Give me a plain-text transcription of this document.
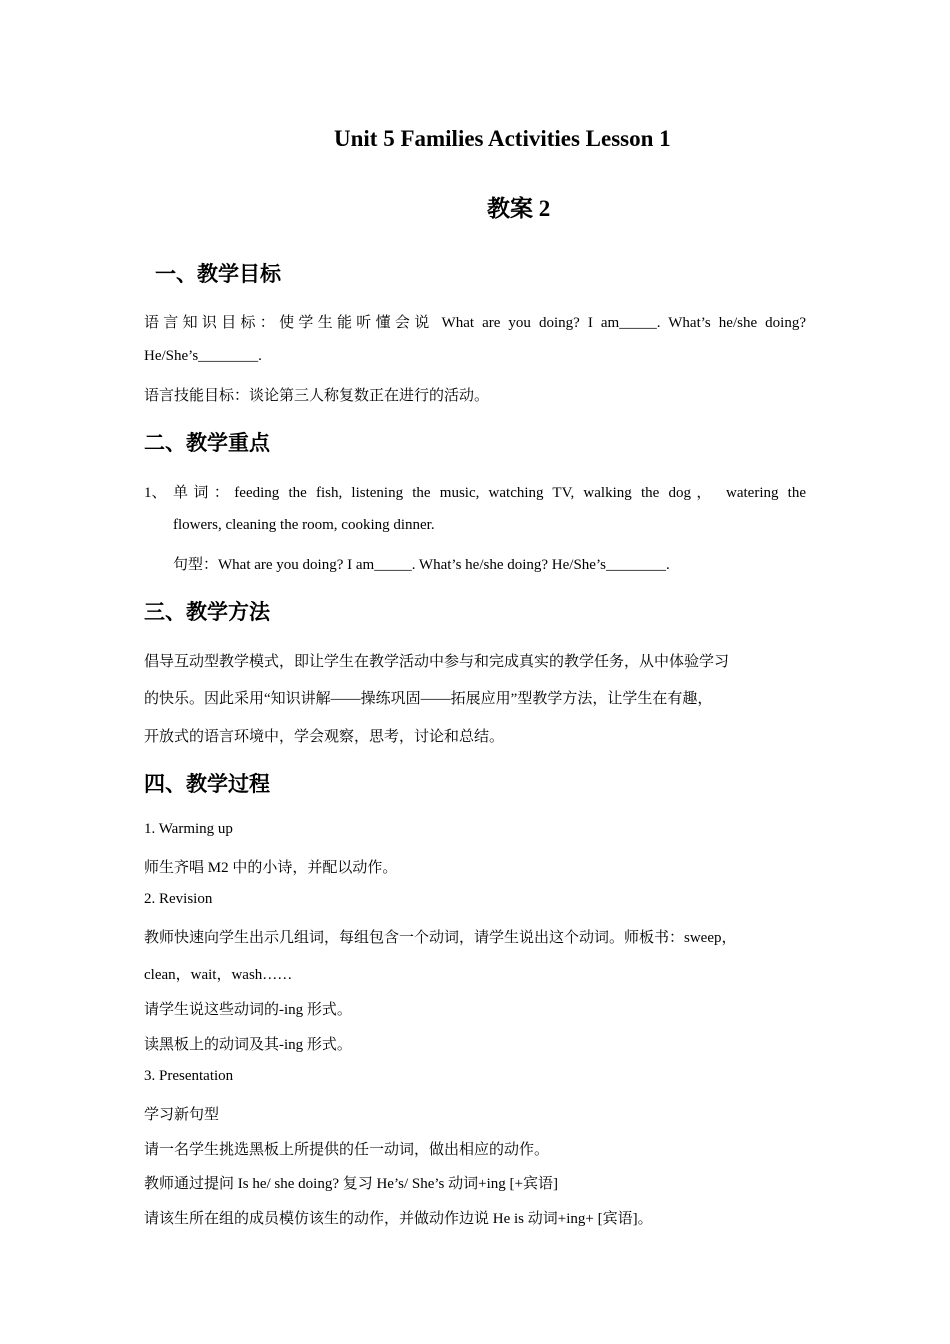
Unit 5 Families Activities Lesson 1
教案 2
一、教学目标
语言知识目标：使学生能听懂会说 What are you doing? I am_____. What’s he/she doing?
He/She’s________.
语言技能目标：谈论第三人称复数正在进行的活动。
二、教学重点
1、 单词：feeding the fish, listening the music, watching TV, walking the dog， watering the
flowers, cleaning the room, cooking dinner.
句型：What are you doing? I am_____. What’s he/she doing? He/She’s________.
三、教学方法
倡导互动型教学模式，即让学生在教学活动中参与和完成真实的教学任务，从中体验学习
的快乐。因此采用“知识讲解——操练巩固——拓展应用”型教学方法，让学生在有趣，
开放式的语言环境中，学会观察，思考，讨论和总结。
四、教学过程
1. Warming up
师生齐唱 M2 中的小诗，并配以动作。
2. Revision
教师快速向学生出示几组词，每组包含一个动词，请学生说出这个动词。师板书：sweep，
clean，wait，wash……
请学生说这些动词的-ing 形式。
读黑板上的动词及其-ing 形式。
3. Presentation
学习新句型
请一名学生挑选黑板上所提供的任一动词，做出相应的动作。
教师通过提问 Is he/ she doing? 复习 He’s/ She’s 动词+ing [+宾语]
请该生所在组的成员模仿该生的动作，并做动作边说 He is 动词+ing+ [宾语]。
